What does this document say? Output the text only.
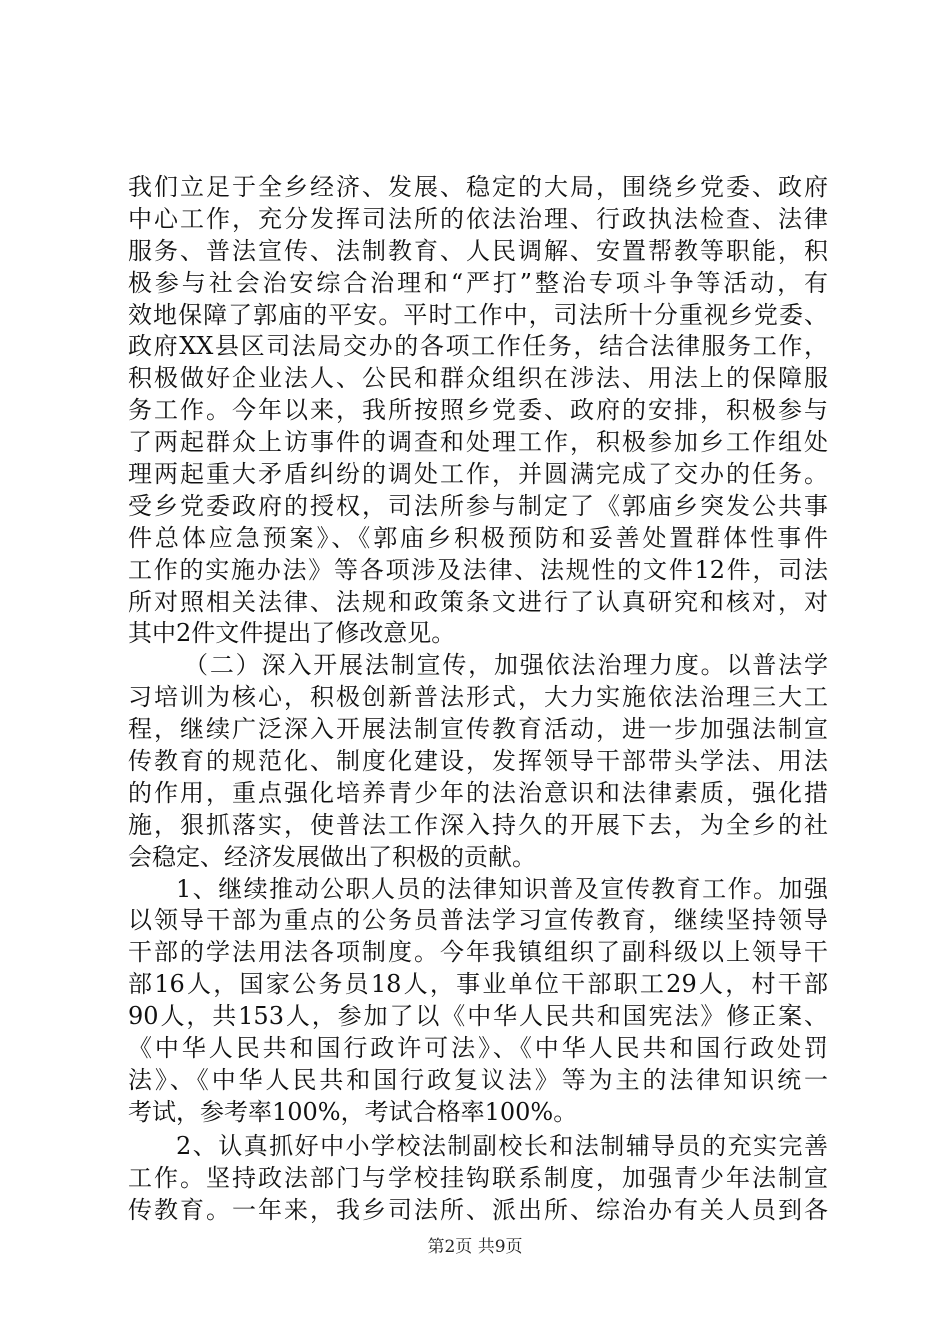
我们立足于全乡经济、发展、稳定的大局，围绕乡党委、政府
中心工作，充分发挥司法所的依法治理、行政执法检查、法律
服务、普法宣传、法制教育、人民调解、安置帮教等职能，积
极参与社会治安综合治理和“严打”整治专项斗争等活动，有
效地保障了郭庙的平安。平时工作中，司法所十分重视乡党委、
政府XX县区司法局交办的各项工作任务，结合法律服务工作，
积极做好企业法人、公民和群众组织在涉法、用法上的保障服
务工作。今年以来，我所按照乡党委、政府的安排，积极参与
了两起群众上访事件的调查和处理工作，积极参加乡工作组处
理两起重大矛盾纠纷的调处工作，并圆满完成了交办的任务。
受乡党委政府的授权，司法所参与制定了《郭庙乡突发公共事
件总体应急预案》、《郭庙乡积极预防和妥善处置群体性事件
工作的实施办法》等各项涉及法律、法规性的文件12件，司法
所对照相关法律、法规和政策条文进行了认真研究和核对，对
其中2件文件提出了修改意见。
（二）深入开展法制宣传，加强依法治理力度。以普法学
习培训为核心，积极创新普法形式，大力实施依法治理三大工
程，继续广泛深入开展法制宣传教育活动，进一步加强法制宣
传教育的规范化、制度化建设，发挥领导干部带头学法、用法
的作用，重点强化培养青少年的法治意识和法律素质，强化措
施，狠抓落实，使普法工作深入持久的开展下去，为全乡的社
会稳定、经济发展做出了积极的贡献。
1、继续推动公职人员的法律知识普及宣传教育工作。加强
以领导干部为重点的公务员普法学习宣传教育，继续坚持领导
干部的学法用法各项制度。今年我镇组织了副科级以上领导干
部16人，国家公务员18人，事业单位干部职工29人，村干部
90人，共153人，参加了以《中华人民共和国宪法》修正案、
《中华人民共和国行政许可法》、《中华人民共和国行政处罚
法》、《中华人民共和国行政复议法》等为主的法律知识统一
考试，参考率100%，考试合格率100%。
2、认真抓好中小学校法制副校长和法制辅导员的充实完善
工作。坚持政法部门与学校挂钩联系制度，加强青少年法制宣
传教育。一年来，我乡司法所、派出所、综治办有关人员到各
第2页 共9页
